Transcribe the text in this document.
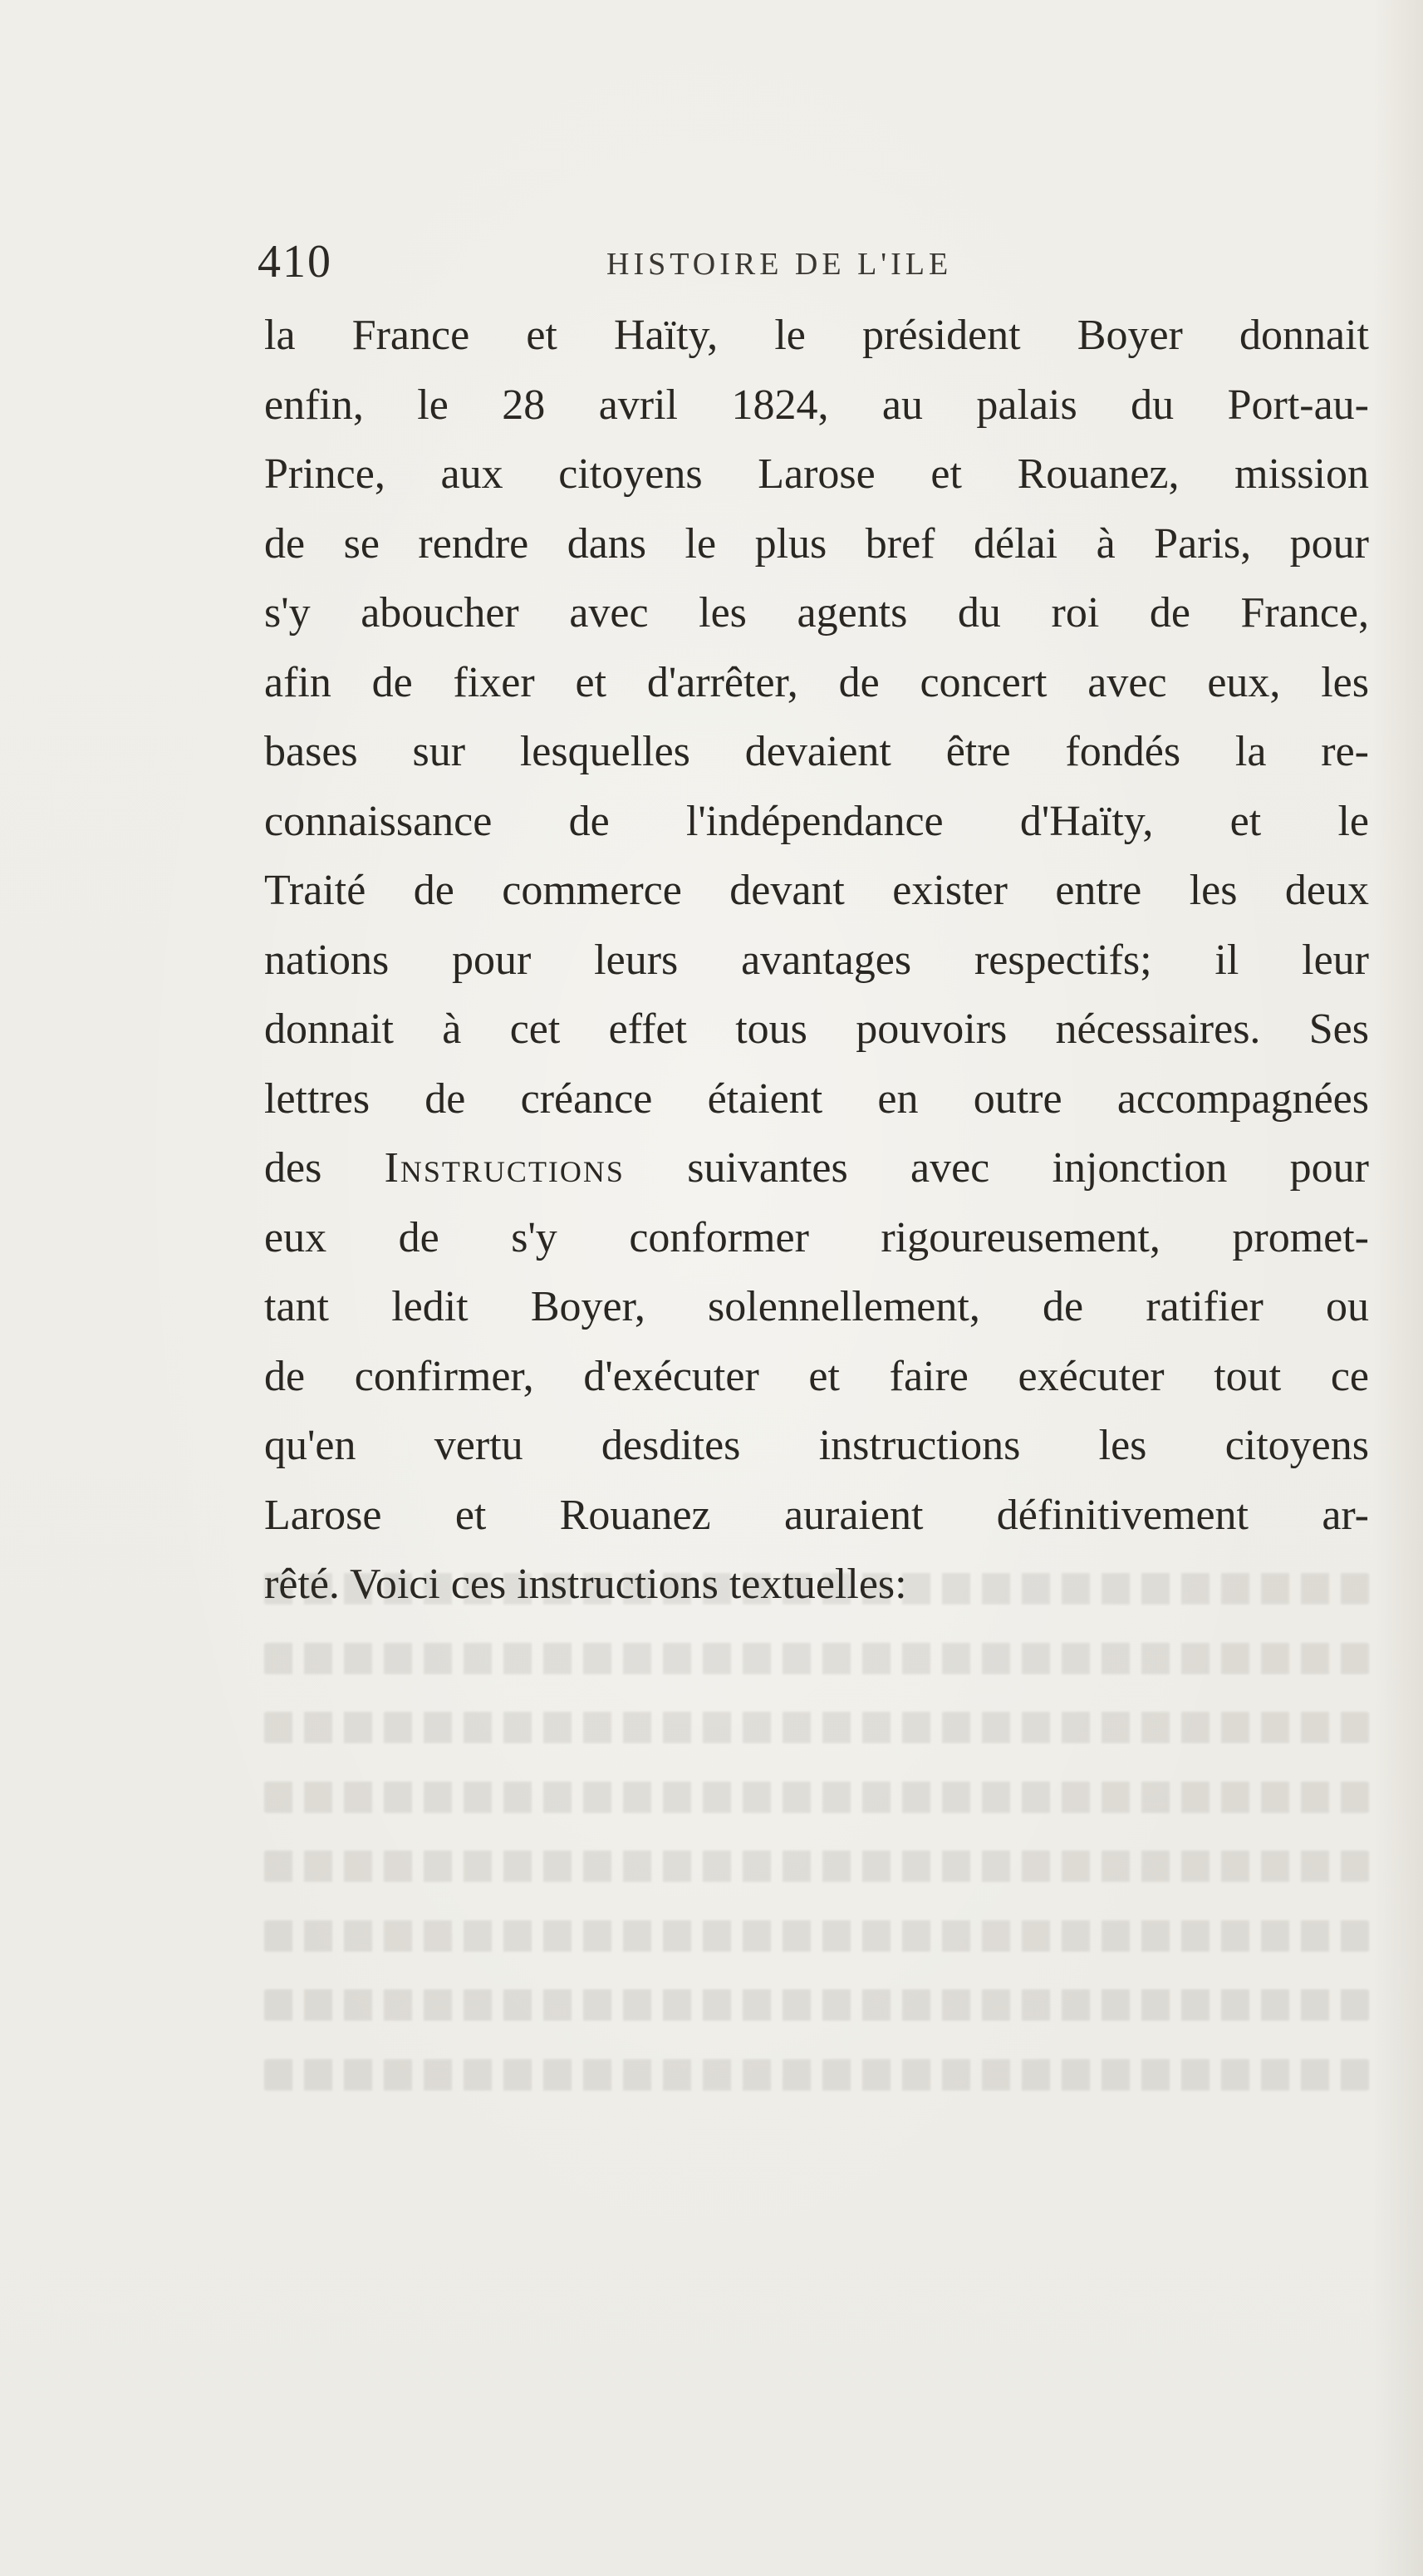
410	HISTOIRE DE L'ILE
la France et Haïty, le président Boyer donnait
enfin, le 28 avril 1824, au palais du Port-au-
Prince, aux citoyens Larose et Rouanez, mission
de se rendre dans le plus bref délai à Paris, pour
s'y aboucher avec les agents du roi de France,
afin de fixer et d'arrêter, de concert avec eux, les
bases sur lesquelles devaient être fondés la re-
connaissance de l'indépendance d'Haïty, et le
Traité de commerce devant exister entre les deux
nations pour leurs avantages respectifs; il leur
donnait à cet effet tous pouvoirs nécessaires. Ses
lettres de créance étaient en outre accompagnées
des Instructions suivantes avec injonction pour
eux de s'y conformer rigoureusement, promet-
tant ledit Boyer, solennellement, de ratifier ou
de confirmer, d'exécuter et faire exécuter tout ce
qu'en vertu desdites instructions les citoyens
Larose et Rouanez auraient définitivement ar-
rêté. Voici ces instructions textuelles:
